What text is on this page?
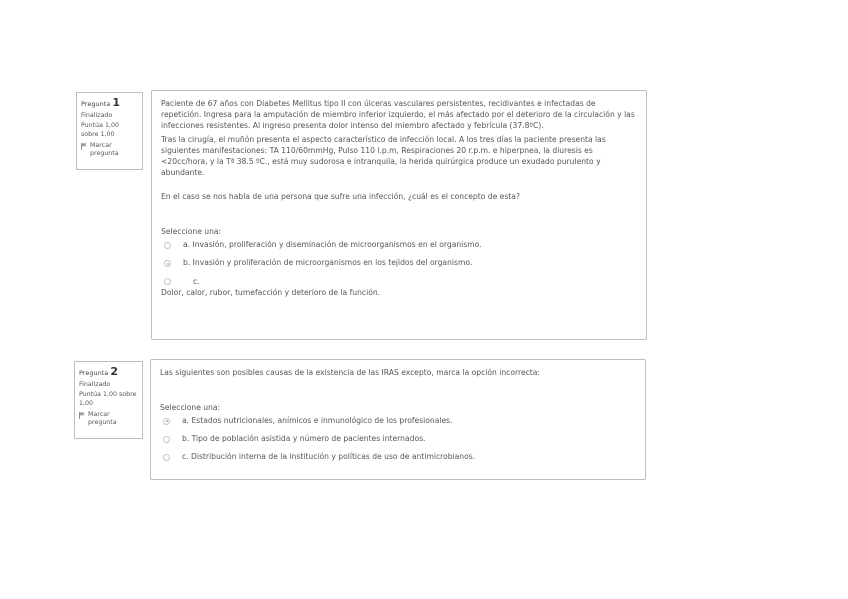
Pregunta 1
Finalizado
Puntúa 1,00 sobre 1,00
Marcar pregunta

Paciente de 67 años con Diabetes Mellitus tipo II con úlceras vasculares persistentes, recidivantes e infectadas de repetición. Ingresa para la amputación de miembro inferior izquierdo, el más afectado por el deterioro de la circulación y las infecciones resistentes. Al ingreso presenta dolor intenso del miembro afectado y febrícula (37.8ºC).

Tras la cirugía, el muñón presenta el aspecto característico de infección local. A los tres días la paciente presenta las siguientes manifestaciones: TA 110/60mmHg, Pulso 110 l.p.m, Respiraciones 20 r.p.m. e hiperpnea, la diuresis es <20cc/hora, y la Tª 38.5 ºC., está muy sudorosa e intranquila, la herida quirúrgica produce un exudado purulento y abundante.

En el caso se nos habla de una persona que sufre una infección, ¿cuál es el concepto de esta?

Seleccione una:

a.
Invasión, proliferación y diseminación de microorganismos en el organismo.
b.
Invasión y proliferación de microorganismos en los tejidos del organismo.
c.
Dolor, calor, rubor, tumefacción y deterioro de la función.
Pregunta 2
Finalizado
Puntúa 1,00 sobre 1,00
Marcar pregunta

Las siguientes son posibles causas de la existencia de las IRAS excepto, marca la opción incorrecta:

Seleccione una:

a.
Estados nutricionales, anímicos e inmunológico de los profesionales.
b.
Tipo de población asistida y número de pacientes internados.
c.
Distribución interna de la institución y políticas de uso de antimicrobianos.
